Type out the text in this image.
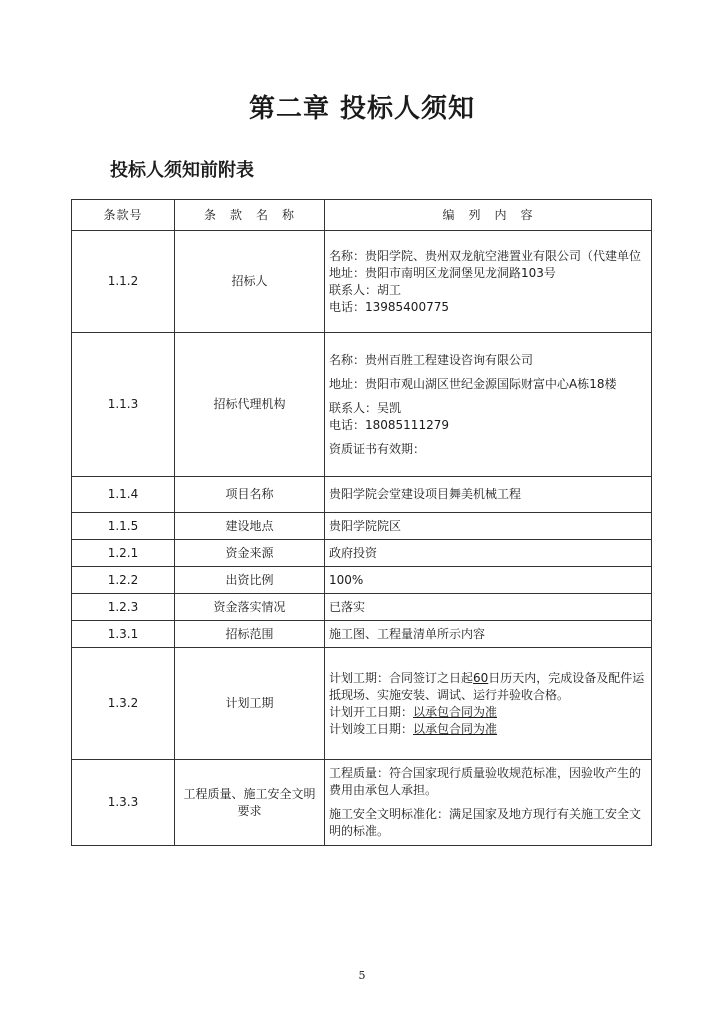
第二章 投标人须知
投标人须知前附表
条款号	条　款　名　称	编　列　内　容
1.1.2	招标人	名称：贵阳学院、贵州双龙航空港置业有限公司（代建单位
地址：贵阳市南明区龙洞堡见龙洞路103号
联系人：胡工
电话：13985400775

1.1.3	招标代理机构	名称：贵州百胜工程建设咨询有限公司
地址：贵阳市观山湖区世纪金源国际财富中心A栋18楼
联系人：吴凯
电话：18085111279
资质证书有效期：

1.1.4	项目名称	贵阳学院会堂建设项目舞美机械工程

1.1.5	建设地点	贵阳学院院区

1.2.1	资金来源	政府投资

1.2.2	出资比例	100%

1.2.3	资金落实情况	已落实

1.3.1	招标范围	施工图、工程量清单所示内容

1.3.2	计划工期	计划工期：合同签订之日起60日历天内，完成设备及配件运抵现场、实施安装、调试、运行并验收合格。
计划开工日期：以承包合同为准
计划竣工日期：以承包合同为准

1.3.3	工程质量、施工安全文明要求	工程质量：符合国家现行质量验收规范标准，因验收产生的费用由承包人承担。
施工安全文明标准化：满足国家及地方现行有关施工安全文明的标准。
5
